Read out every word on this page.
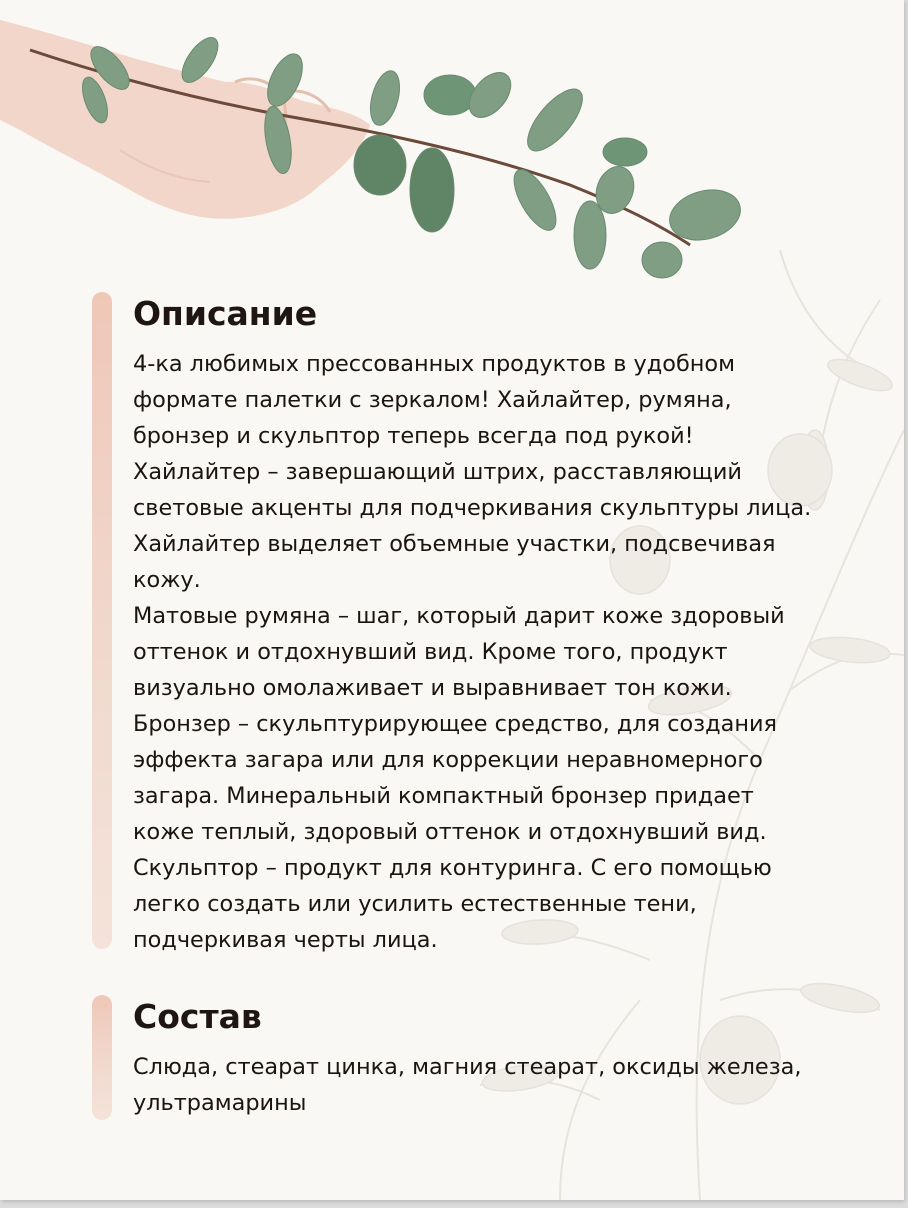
Описание
4-ка любимых прессованных продуктов в удобном
формате палетки с зеркалом! Хайлайтер, румяна,
бронзер и скульптор теперь всегда под рукой!
Хайлайтер – завершающий штрих, расставляющий
световые акценты для подчеркивания скульптуры лица.
Хайлайтер выделяет объемные участки, подсвечивая
кожу.
Матовые румяна – шаг, который дарит коже здоровый
оттенок и отдохнувший вид. Кроме того, продукт
визуально омолаживает и выравнивает тон кожи.
Бронзер – скульптурирующее средство, для создания
эффекта загара или для коррекции неравномерного
загара. Минеральный компактный бронзер придает
коже теплый, здоровый оттенок и отдохнувший вид.
Скульптор – продукт для контуринга. С его помощью
легко создать или усилить естественные тени,
подчеркивая черты лица.
Состав
Слюда, стеарат цинка, магния стеарат, оксиды железа,
ультрамарины
